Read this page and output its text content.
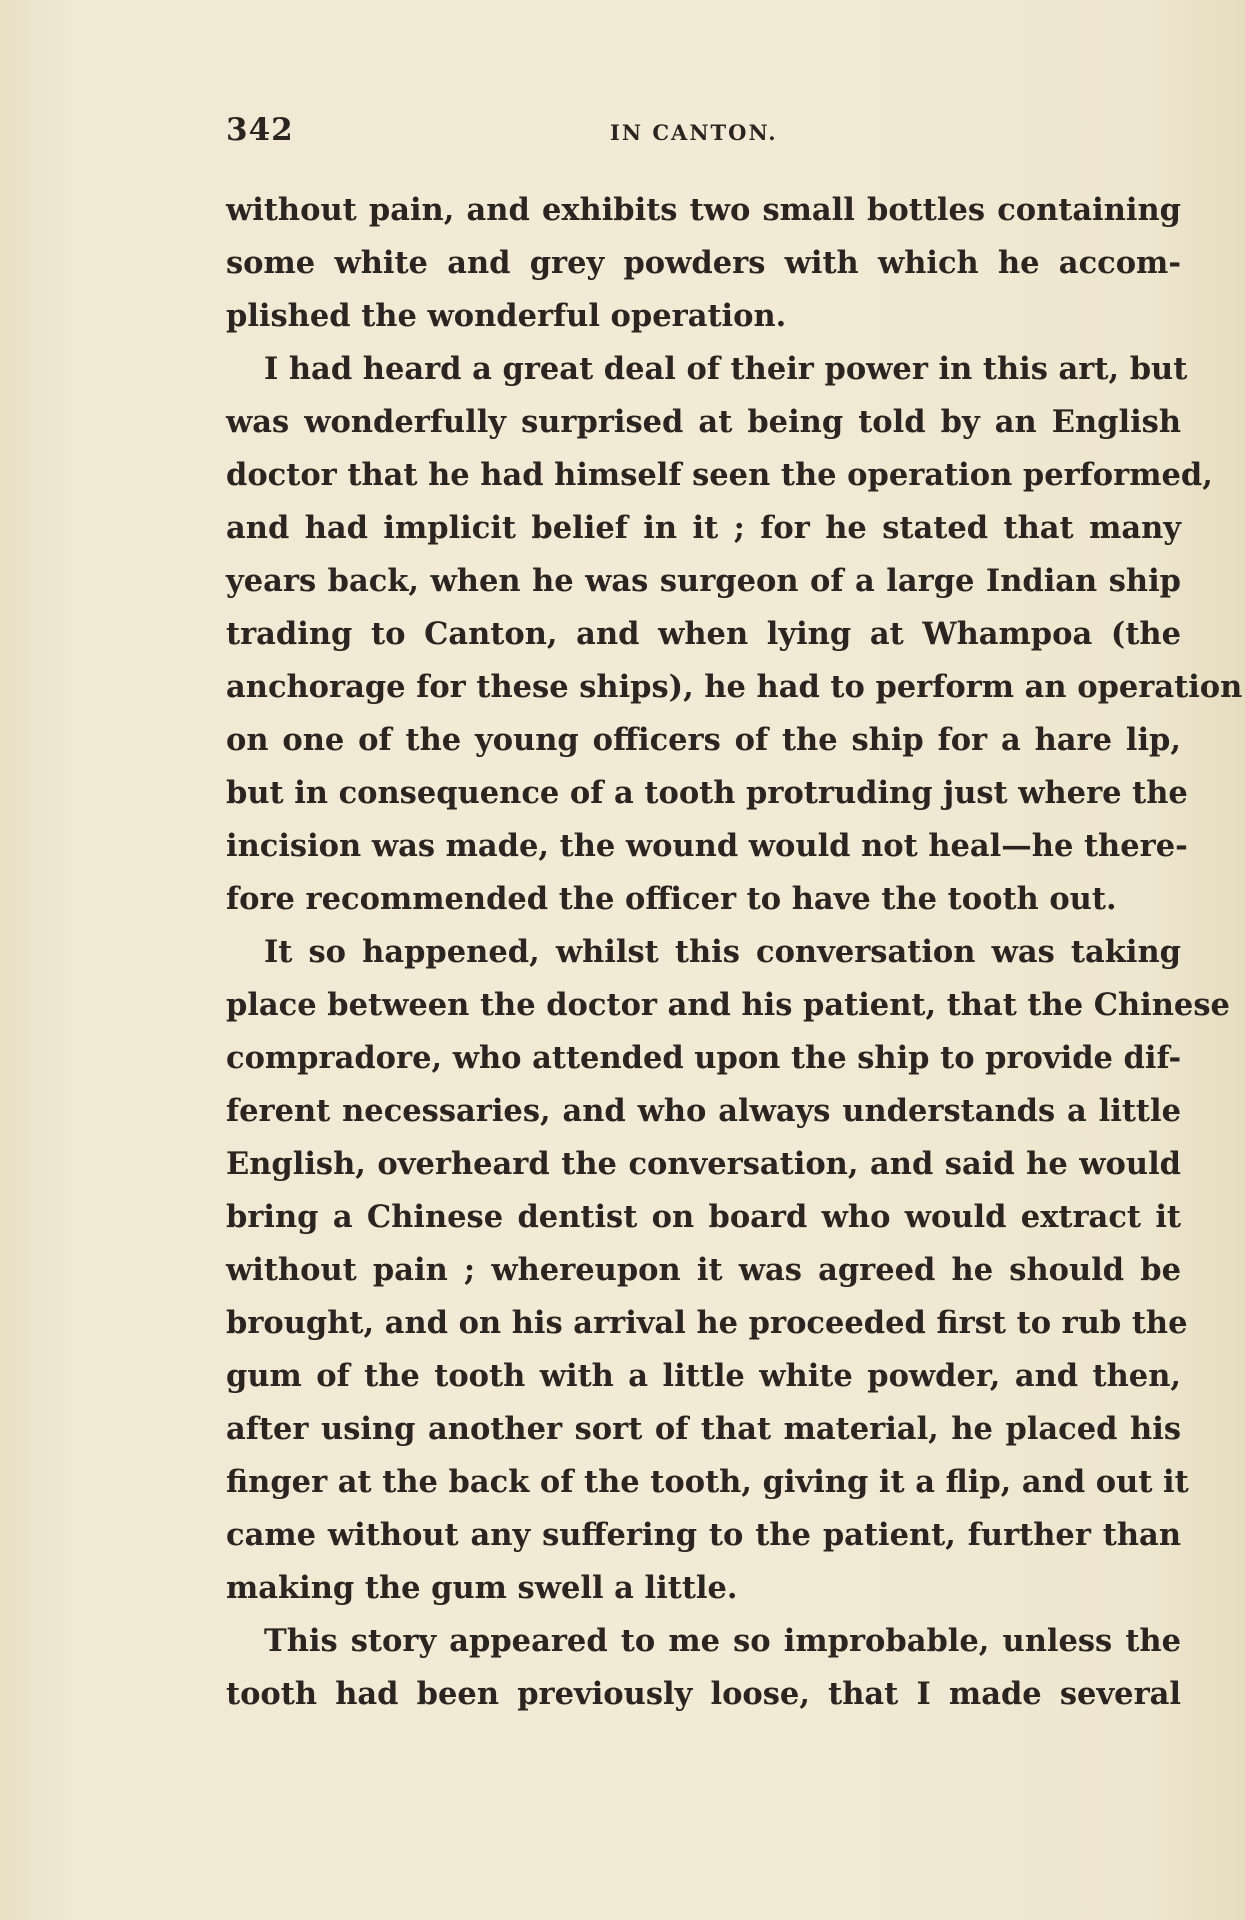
342	IN CANTON.
without pain, and exhibits two small bottles containing
some white and grey powders with which he accom-
plished the wonderful operation.
I had heard a great deal of their power in this art, but
was wonderfully surprised at being told by an English
doctor that he had himself seen the operation performed,
and had implicit belief in it ; for he stated that many
years back, when he was surgeon of a large Indian ship
trading to Canton, and when lying at Whampoa (the
anchorage for these ships), he had to perform an operation
on one of the young officers of the ship for a hare lip,
but in consequence of a tooth protruding just where the
incision was made, the wound would not heal—he there-
fore recommended the officer to have the tooth out.
It so happened, whilst this conversation was taking
place between the doctor and his patient, that the Chinese
compradore, who attended upon the ship to provide dif-
ferent necessaries, and who always understands a little
English, overheard the conversation, and said he would
bring a Chinese dentist on board who would extract it
without pain ; whereupon it was agreed he should be
brought, and on his arrival he proceeded first to rub the
gum of the tooth with a little white powder, and then,
after using another sort of that material, he placed his
finger at the back of the tooth, giving it a flip, and out it
came without any suffering to the patient, further than
making the gum swell a little.
This story appeared to me so improbable, unless the
tooth had been previously loose, that I made several
